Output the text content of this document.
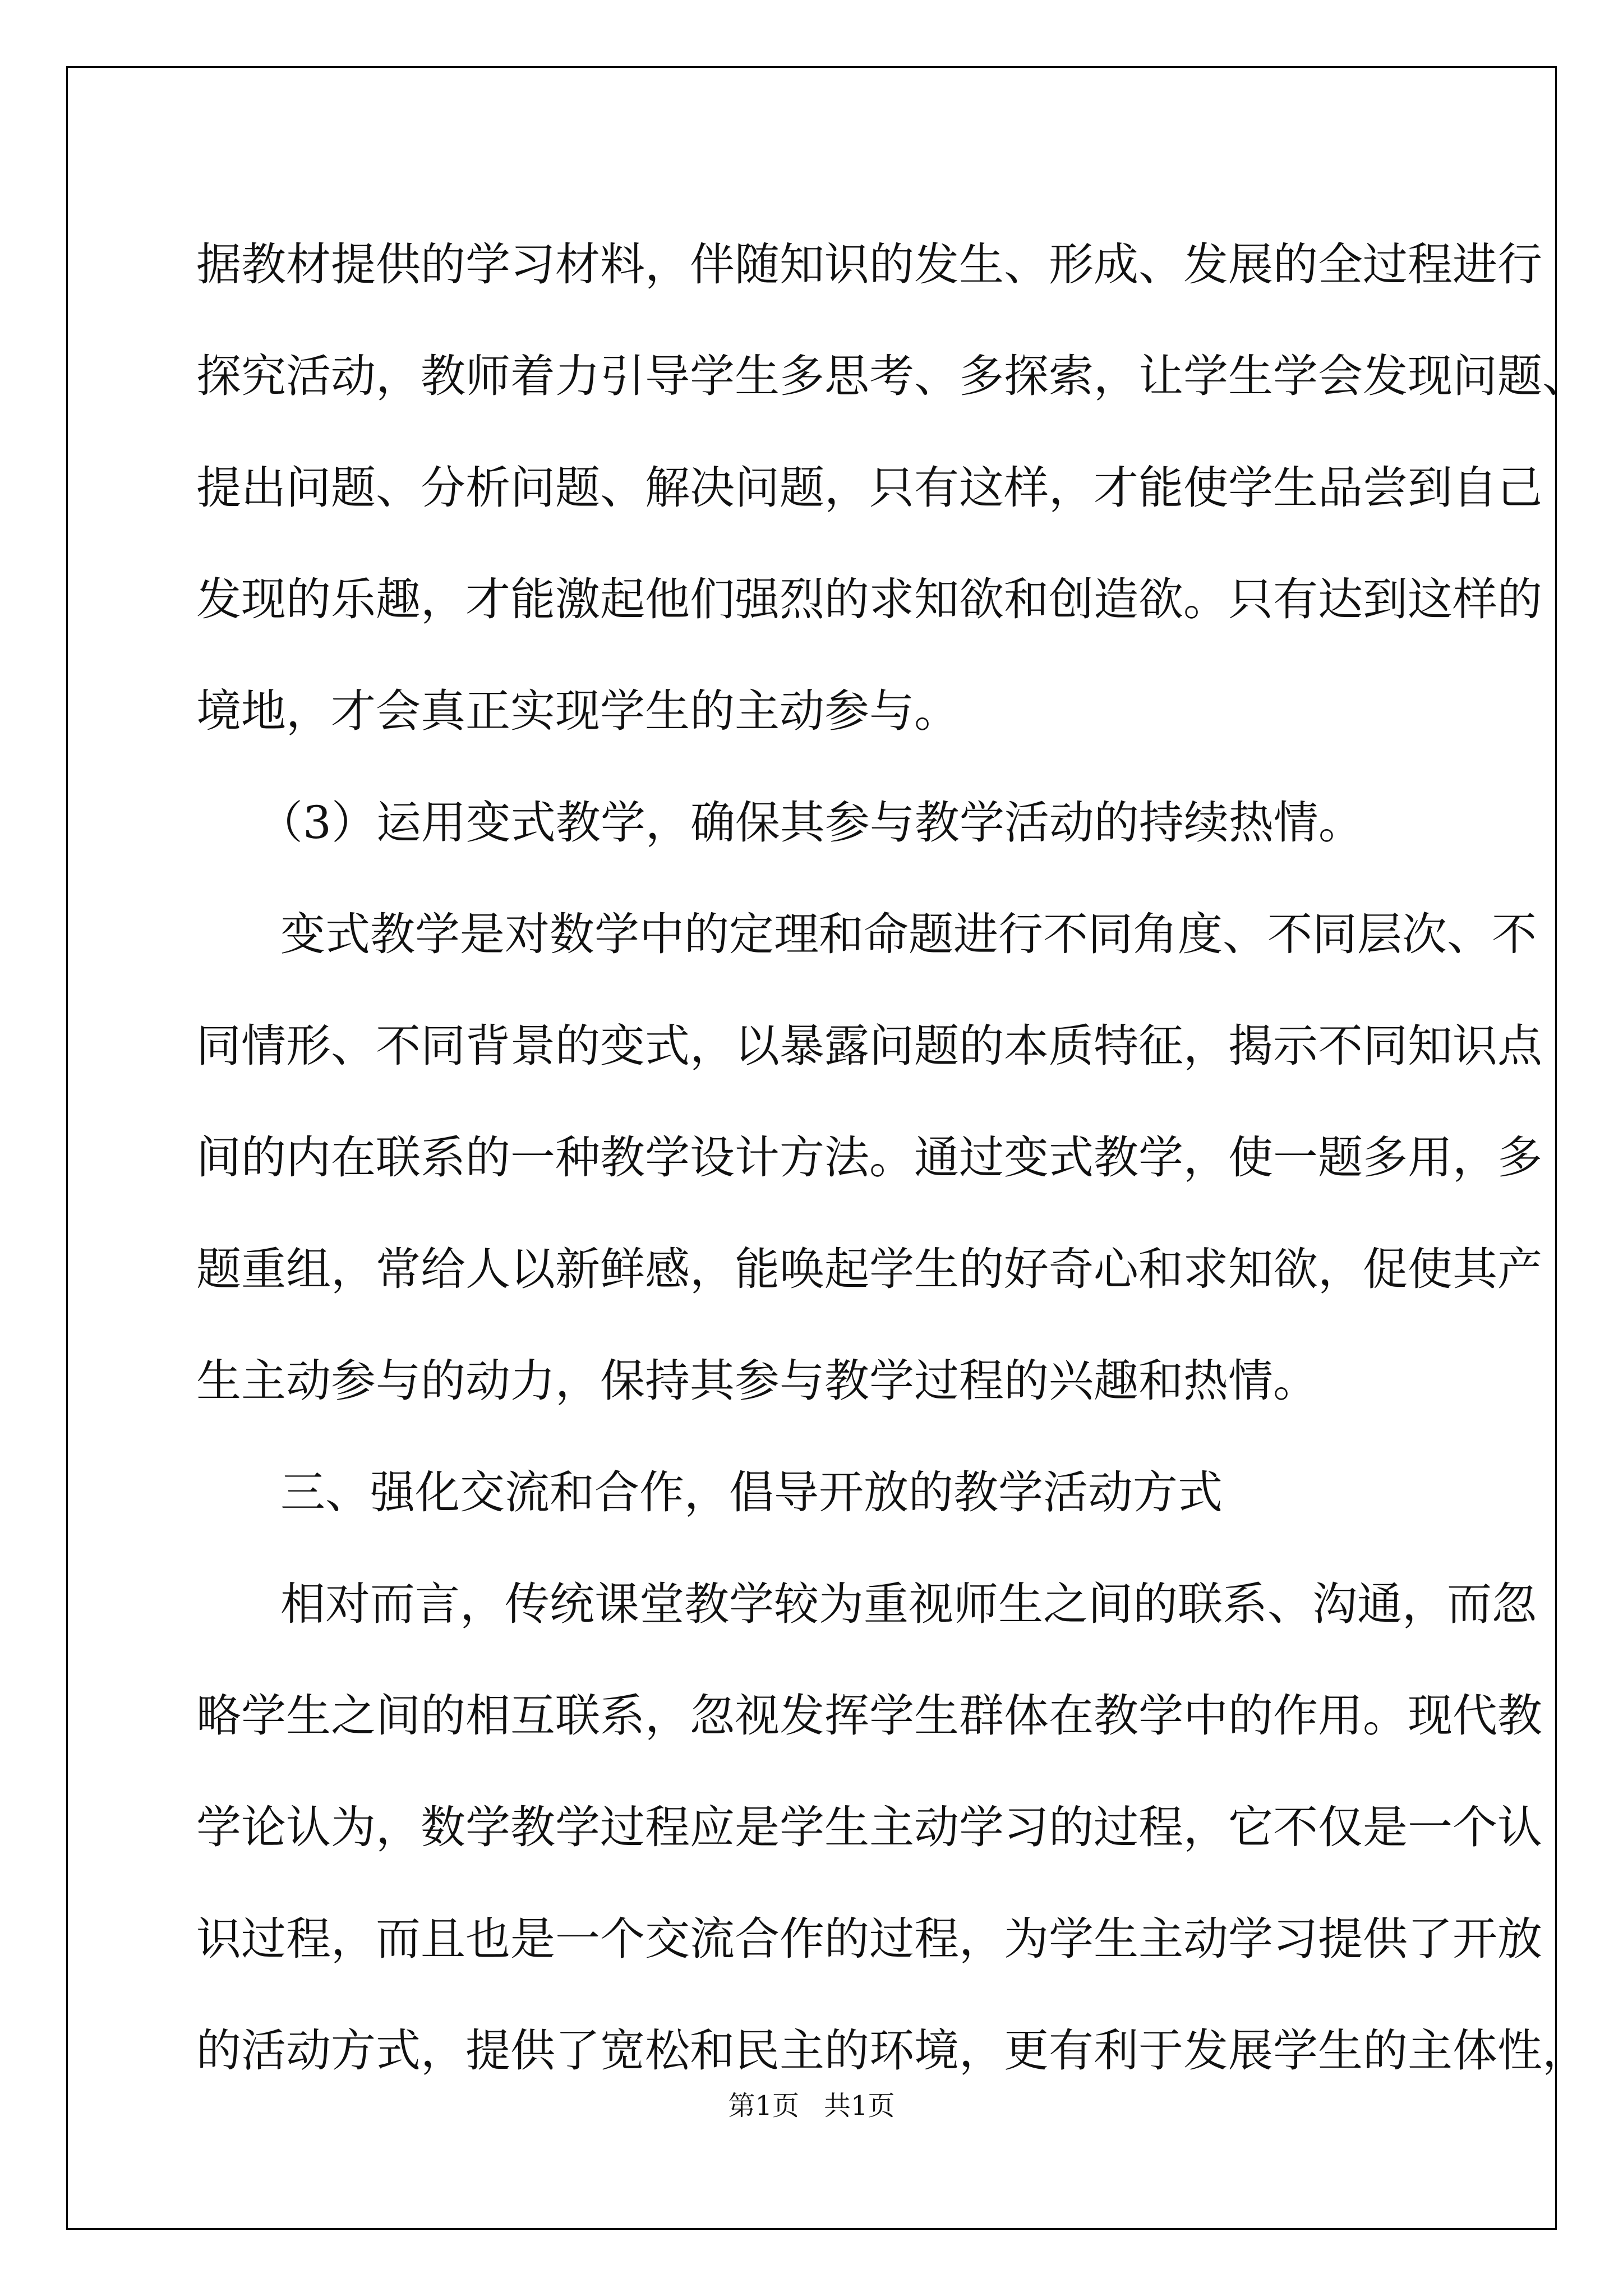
据教材提供的学习材料，伴随知识的发生、形成、发展的全过程进行
探究活动，教师着力引导学生多思考、多探索，让学生学会发现问题、
提出问题、分析问题、解决问题，只有这样，才能使学生品尝到自己
发现的乐趣，才能激起他们强烈的求知欲和创造欲。只有达到这样的
境地，才会真正实现学生的主动参与。
（3）运用变式教学，确保其参与教学活动的持续热情。
变式教学是对数学中的定理和命题进行不同角度、不同层次、不
同情形、不同背景的变式，以暴露问题的本质特征，揭示不同知识点
间的内在联系的一种教学设计方法。通过变式教学，使一题多用，多
题重组，常给人以新鲜感，能唤起学生的好奇心和求知欲，促使其产
生主动参与的动力，保持其参与教学过程的兴趣和热情。
三、强化交流和合作，倡导开放的教学活动方式
相对而言，传统课堂教学较为重视师生之间的联系、沟通，而忽
略学生之间的相互联系，忽视发挥学生群体在教学中的作用。现代教
学论认为，数学教学过程应是学生主动学习的过程，它不仅是一个认
识过程，而且也是一个交流合作的过程，为学生主动学习提供了开放
的活动方式，提供了宽松和民主的环境，更有利于发展学生的主体性，
第1页 共1页
